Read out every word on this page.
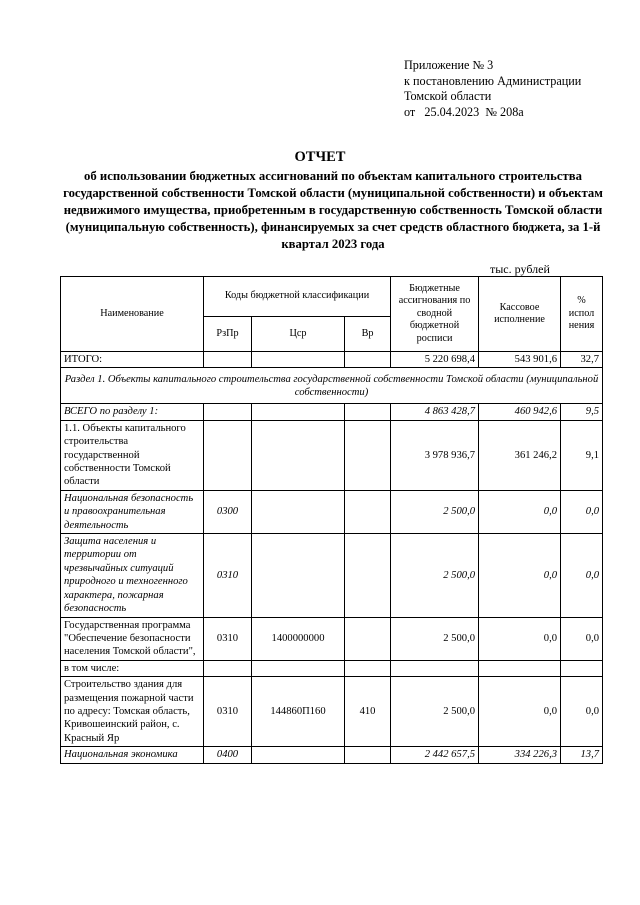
Приложение № 3
к постановлению Администрации
Томской области
от   25.04.2023  № 208а
ОТЧЕТ
об использовании бюджетных ассигнований по объектам капитального строительства государственной собственности Томской области (муниципальной собственности) и объектам недвижимого имущества, приобретенным в государственную собственность Томской области (муниципальную собственность), финансируемых за счет средств областного бюджета, за 1-й квартал 2023 года
тыс. рублей
Наименование	Коды бюджетной классификации			Бюджетные ассигнования по сводной бюджетной росписи	Кассовое исполнение	% испол нения
	РзПр	Цср	Вр			
ИТОГО:				5 220 698,4	543 901,6	32,7
Раздел 1. Объекты капитального строительства государственной собственности Томской области (муниципальной собственности)						
ВСЕГО по разделу 1:				4 863 428,7	460 942,6	9,5
1.1. Объекты капитального строительства государственной собственности Томской области				3 978 936,7	361 246,2	9,1
Национальная безопасность и правоохранительная деятельность	0300			2 500,0	0,0	0,0
Защита населения и территории от чрезвычайных ситуаций природного и техногенного характера, пожарная безопасность	0310			2 500,0	0,0	0,0
Государственная программа "Обеспечение безопасности населения Томской области",	0310	1400000000		2 500,0	0,0	0,0
в том числе:						
Строительство здания для размещения пожарной части по адресу: Томская область, Кривошеинский район, с. Красный Яр	0310	144860П160	410	2 500,0	0,0	0,0
Национальная экономика	0400			2 442 657,5	334 226,3	13,7
